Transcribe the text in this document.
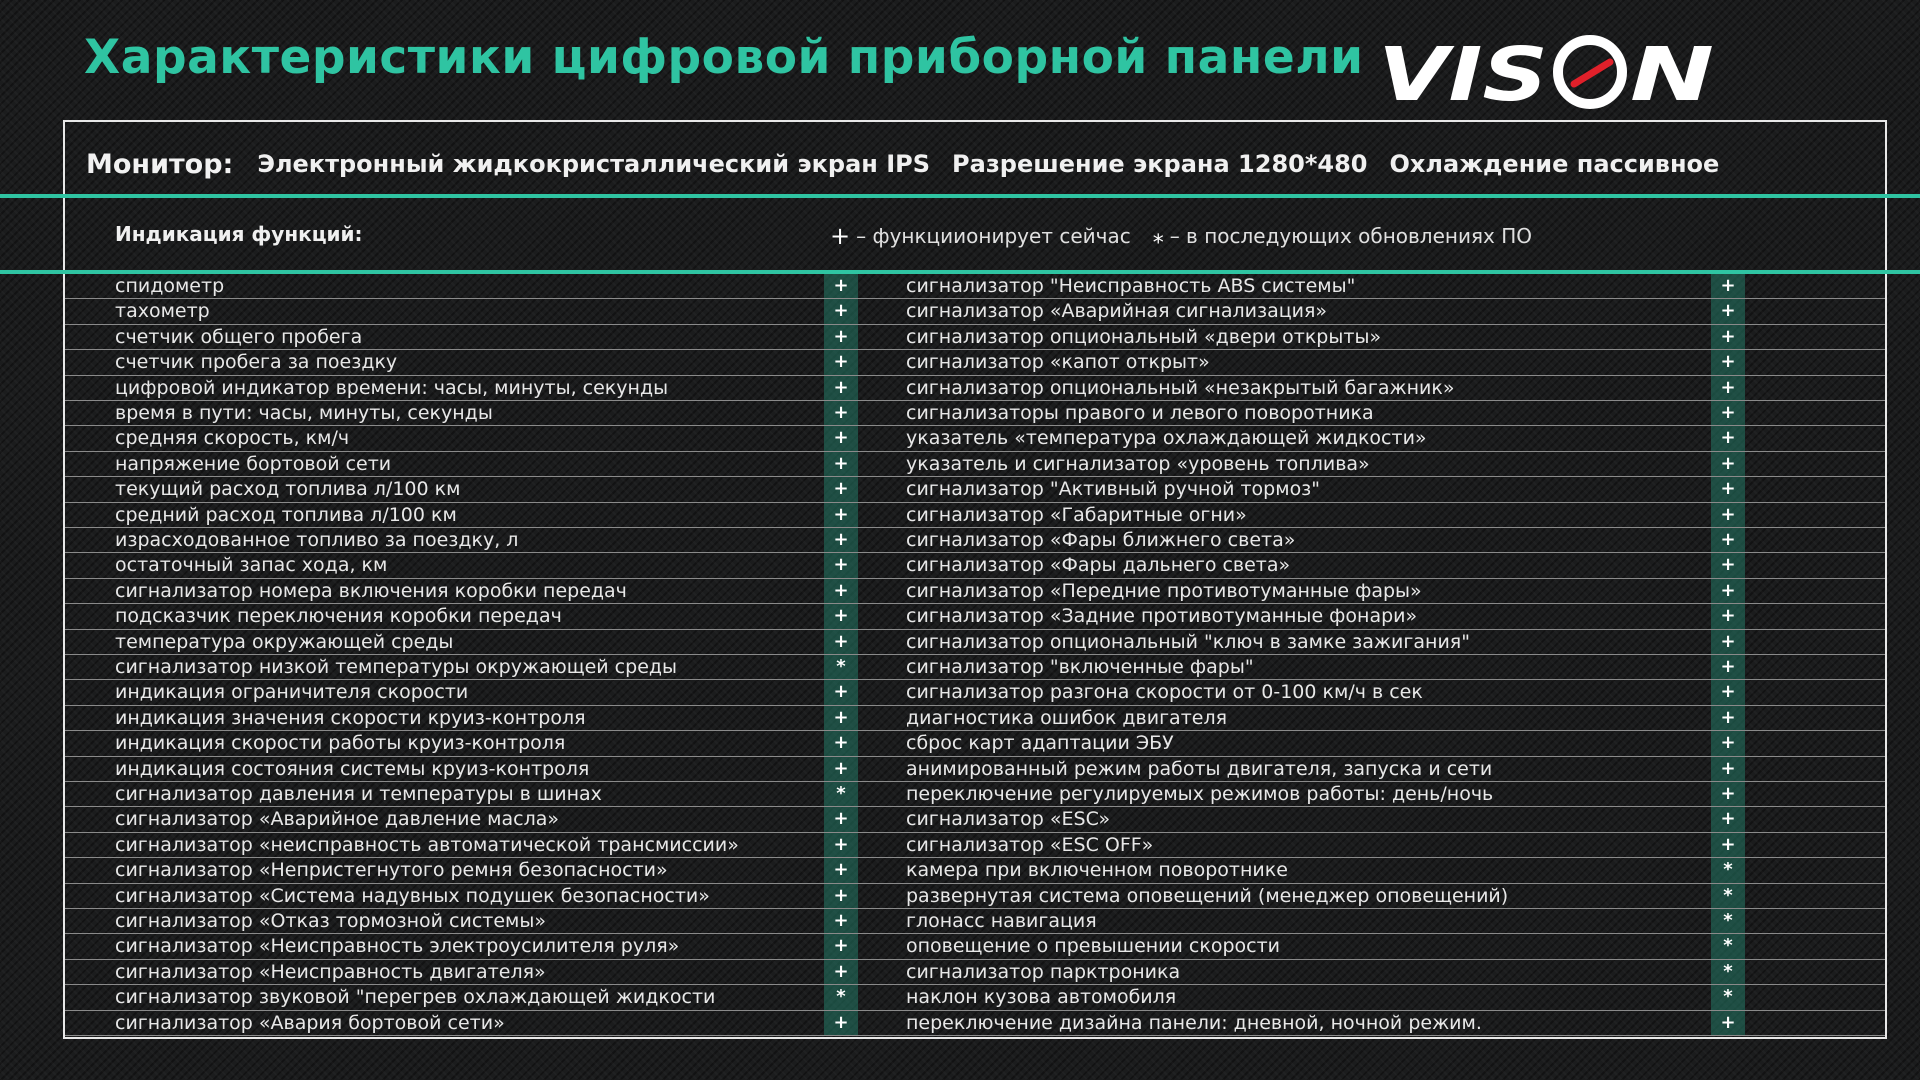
Характеристики цифровой приборной панели VIS N
Монитор: Электронный жидкокристаллический экран IPS Разрешение экрана 1280*480 Охлаждение пассивное
Индикация функций:	+ – функциионирует сейчас ⁎ – в последующих обновлениях ПО
спидометр	+	сигнализатор "Неисправность ABS системы"	+
тахометр	+	сигнализатор «Аварийная сигнализация»	+
счетчик общего пробега	+	сигнализатор опциональный «двери открыты»	+
счетчик пробега за поездку	+	сигнализатор «капот открыт»	+
цифровой индикатор времени: часы, минуты, секунды	+	сигнализатор опциональный «незакрытый багажник»	+
время в пути: часы, минуты, секунды	+	сигнализаторы правого и левого поворотника	+
средняя скорость, км/ч	+	указатель «температура охлаждающей жидкости»	+
напряжение бортовой сети	+	указатель и сигнализатор «уровень топлива»	+
текущий расход топлива л/100 км	+	сигнализатор "Активный ручной тормоз"	+
средний расход топлива л/100 км	+	сигнализатор «Габаритные огни»	+
израсходованное топливо за поездку, л	+	сигнализатор «Фары ближнего света»	+
остаточный запас хода, км	+	сигнализатор «Фары дальнего света»	+
сигнализатор номера включения коробки передач	+	сигнализатор «Передние противотуманные фары»	+
подсказчик переключения коробки передач	+	сигнализатор «Задние противотуманные фонари»	+
температура окружающей среды	+	сигнализатор опциональный "ключ в замке зажигания"	+
сигнализатор низкой температуры окружающей среды	*	сигнализатор "включенные фары"	+
индикация ограничителя скорости	+	сигнализатор разгона скорости от 0-100 км/ч в сек	+
индикация значения скорости круиз-контроля	+	диагностика ошибок двигателя	+
индикация скорости работы круиз-контроля	+	сброс карт адаптации ЭБУ	+
индикация состояния системы круиз-контроля	+	анимированный режим работы двигателя, запуска и сети	+
сигнализатор давления и температуры в шинах	*	переключение регулируемых режимов работы: день/ночь	+
сигнализатор «Аварийное давление масла»	+	сигнализатор «ESC»	+
сигнализатор «неисправность автоматической трансмиссии»	+	сигнализатор «ESC OFF»	+
сигнализатор «Непристегнутого ремня безопасности»	+	камера при включенном поворотнике	*
сигнализатор «Система надувных подушек безопасности»	+	развернутая система оповещений (менеджер оповещений)	*
сигнализатор «Отказ тормозной системы»	+	глонасс навигация	*
сигнализатор «Неисправность электроусилителя руля»	+	оповещение о превышении скорости	*
сигнализатор «Неисправность двигателя»	+	сигнализатор парктроника	*
сигнализатор звуковой "перегрев охлаждающей жидкости	*	наклон кузова автомобиля	*
сигнализатор «Авария бортовой сети»	+	переключение дизайна панели: дневной, ночной режим.	+
